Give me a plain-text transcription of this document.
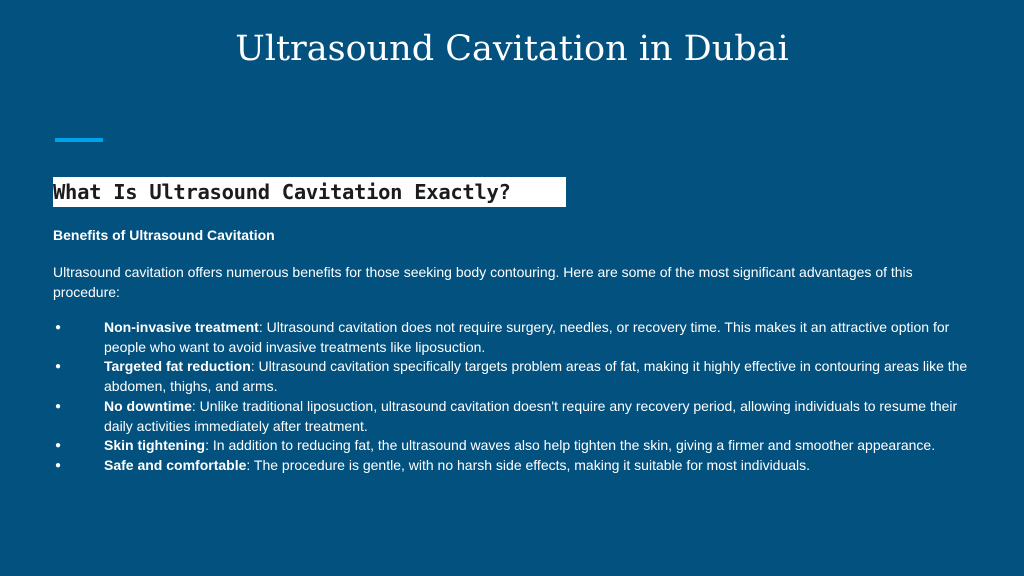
Ultrasound Cavitation in Dubai
What Is Ultrasound Cavitation Exactly?

Benefits of Ultrasound Cavitation

Ultrasound cavitation offers numerous benefits for those seeking body contouring. Here are some of the most significant advantages of this procedure:

●	Non-invasive treatment: Ultrasound cavitation does not require surgery, needles, or recovery time. This makes it an attractive option for people who want to avoid invasive treatments like liposuction.
●	Targeted fat reduction: Ultrasound cavitation specifically targets problem areas of fat, making it highly effective in contouring areas like the abdomen, thighs, and arms.
●	No downtime: Unlike traditional liposuction, ultrasound cavitation doesn't require any recovery period, allowing individuals to resume their daily activities immediately after treatment.
●	Skin tightening: In addition to reducing fat, the ultrasound waves also help tighten the skin, giving a firmer and smoother appearance.
●	Safe and comfortable: The procedure is gentle, with no harsh side effects, making it suitable for most individuals.
